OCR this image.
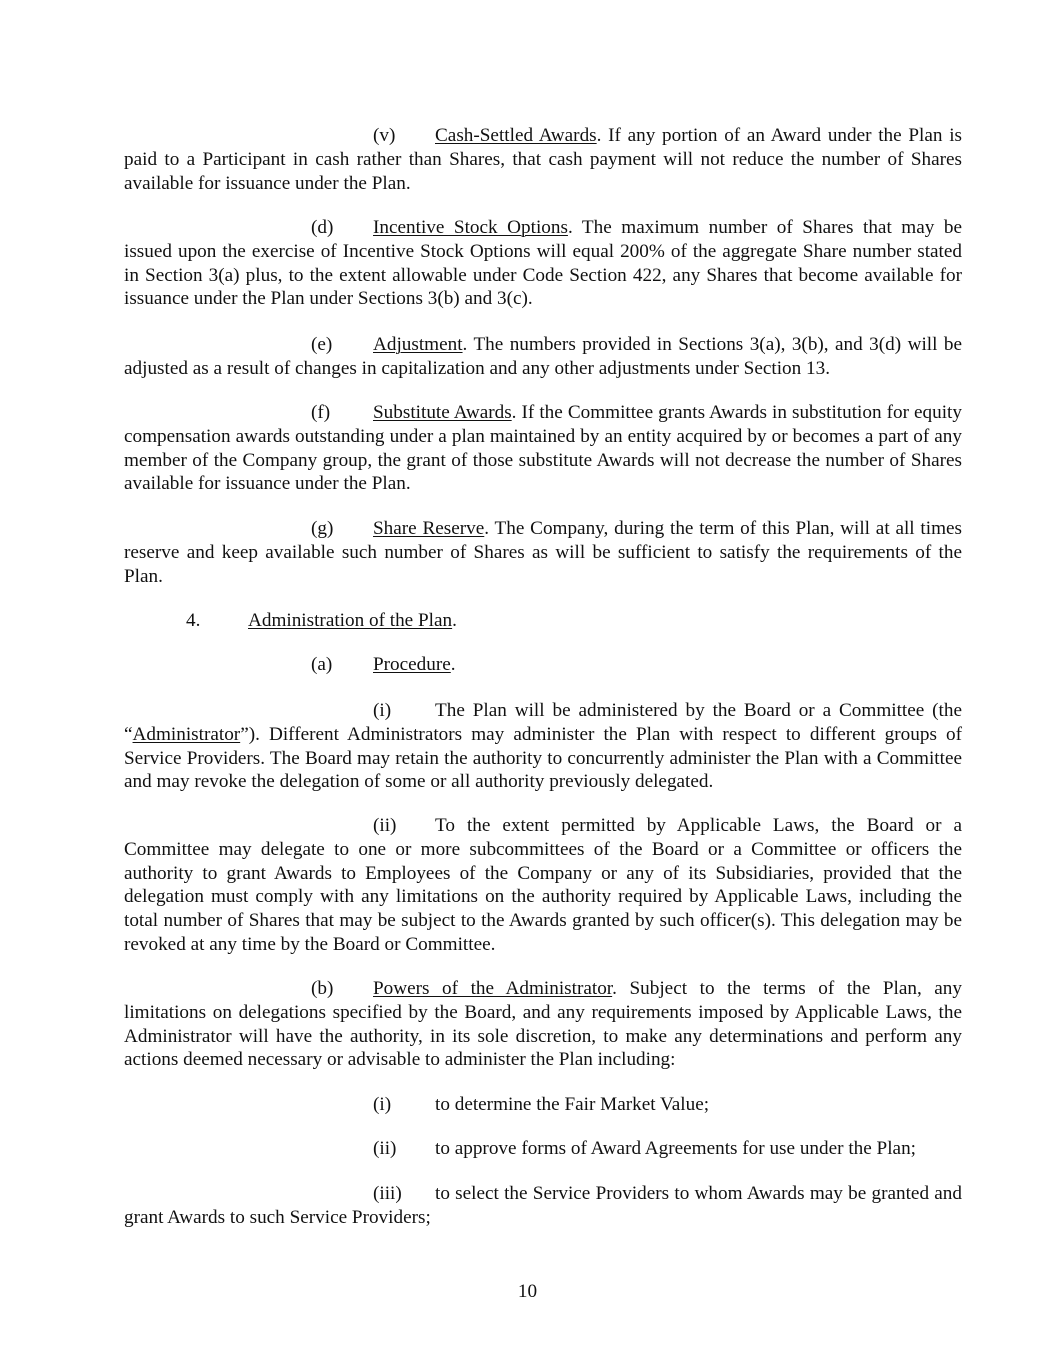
(v) Cash-Settled Awards. If any portion of an Award under the Plan is paid to a Participant in cash rather than Shares, that cash payment will not reduce the number of Shares available for issuance under the Plan.

(d) Incentive Stock Options. The maximum number of Shares that may be issued upon the exercise of Incentive Stock Options will equal 200% of the aggregate Share number stated in Section 3(a) plus, to the extent allowable under Code Section 422, any Shares that become available for issuance under the Plan under Sections 3(b) and 3(c).

(e) Adjustment. The numbers provided in Sections 3(a), 3(b), and 3(d) will be adjusted as a result of changes in capitalization and any other adjustments under Section 13.

(f) Substitute Awards. If the Committee grants Awards in substitution for equity compensation awards outstanding under a plan maintained by an entity acquired by or becomes a part of any member of the Company group, the grant of those substitute Awards will not decrease the number of Shares available for issuance under the Plan.

(g) Share Reserve. The Company, during the term of this Plan, will at all times reserve and keep available such number of Shares as will be sufficient to satisfy the requirements of the Plan.

4. Administration of the Plan.

(a) Procedure.

(i) The Plan will be administered by the Board or a Committee (the “Administrator”). Different Administrators may administer the Plan with respect to different groups of Service Providers. The Board may retain the authority to concurrently administer the Plan with a Committee and may revoke the delegation of some or all authority previously delegated.

(ii) To the extent permitted by Applicable Laws, the Board or a Committee may delegate to one or more subcommittees of the Board or a Committee or officers the authority to grant Awards to Employees of the Company or any of its Subsidiaries, provided that the delegation must comply with any limitations on the authority required by Applicable Laws, including the total number of Shares that may be subject to the Awards granted by such officer(s). This delegation may be revoked at any time by the Board or Committee.

(b) Powers of the Administrator. Subject to the terms of the Plan, any limitations on delegations specified by the Board, and any requirements imposed by Applicable Laws, the Administrator will have the authority, in its sole discretion, to make any determinations and perform any actions deemed necessary or advisable to administer the Plan including:

(i) to determine the Fair Market Value;

(ii) to approve forms of Award Agreements for use under the Plan;

(iii) to select the Service Providers to whom Awards may be granted and grant Awards to such Service Providers;

10
